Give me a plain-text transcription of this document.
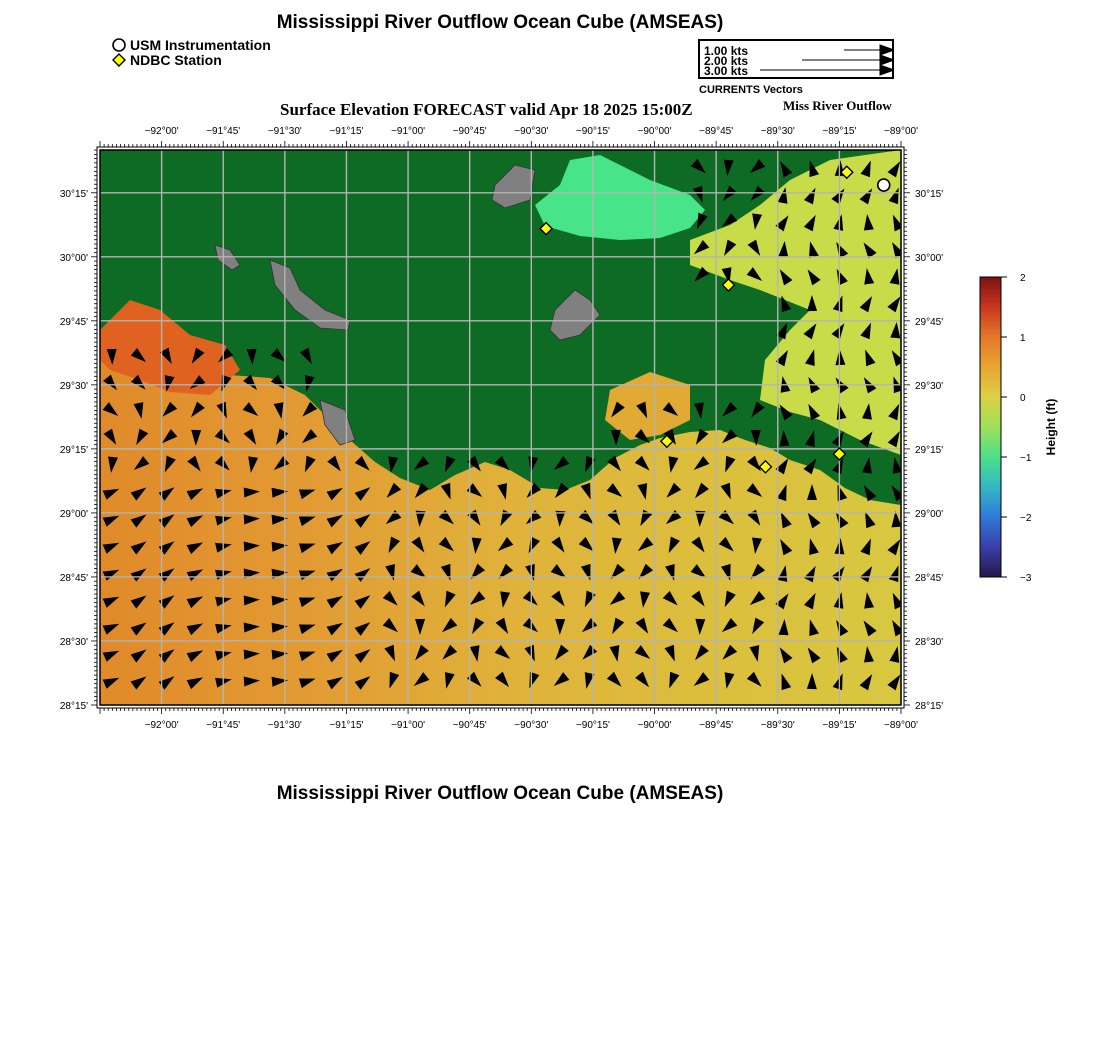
Mississippi River Outflow Ocean Cube (AMSEAS)
USM Instrumentation
NDBC Station
1.00 kts
2.00 kts
3.00 kts
CURRENTS Vectors
Surface Elevation FORECAST valid Apr 18 2025 15:00Z	Miss River Outflow
−92°00'
−92°00'
−91°45'
−91°45'
−91°30'
−91°30'
−91°15'
−91°15'
−91°00'
−91°00'
−90°45'
−90°45'
−90°30'
−90°30'
−90°15'
−90°15'
−90°00'
−90°00'
−89°45'
−89°45'
−89°30'
−89°30'
−89°15'
−89°15'
−89°00'
−89°00'
30°15'	30°15'
30°00'	30°00'
29°45'	29°45'
29°30'	29°30'
29°15'	29°15'
29°00'	29°00'
28°45'	28°45'
28°30'	28°30'
28°15'	28°15'
2
1
0
−1
−2
−3
Height (ft)
Mississippi River Outflow Ocean Cube (AMSEAS)
